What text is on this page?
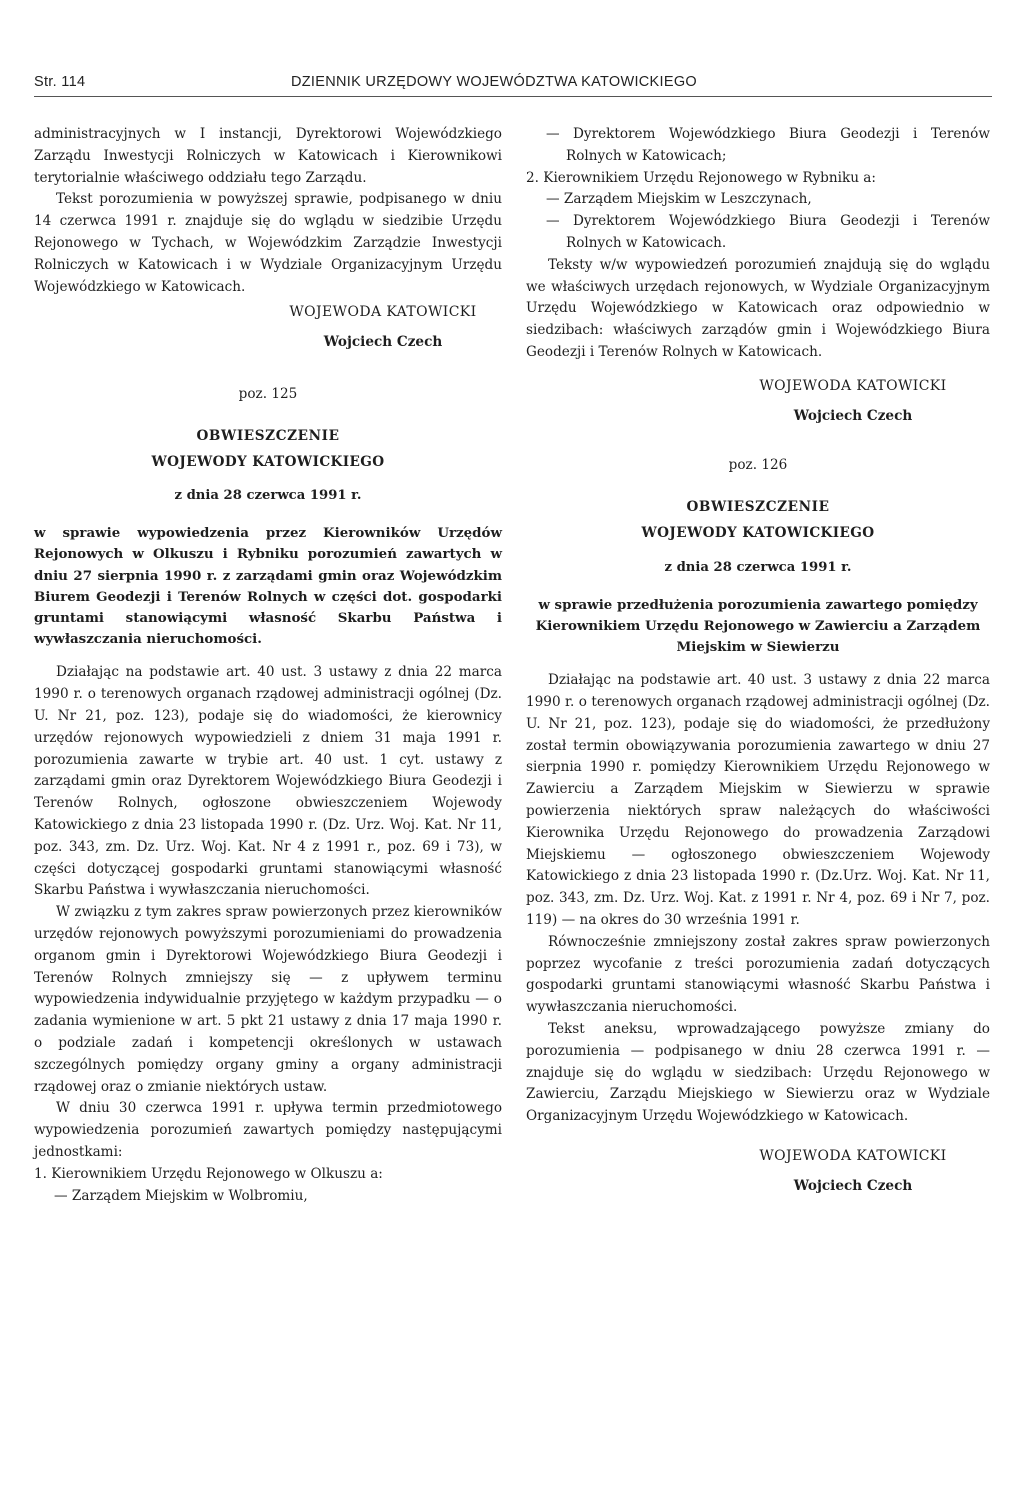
Str. 114	DZIENNIK URZĘDOWY WOJEWÓDZTWA KATOWICKIEGO

administracyjnych w I instancji, Dyrektorowi Wojewódzkiego Zarządu Inwestycji Rolniczych w Katowicach i Kierownikowi terytorialnie właściwego oddziału tego Zarządu.

Tekst porozumienia w powyższej sprawie, podpisanego w dniu 14 czerwca 1991 r. znajduje się do wglądu w siedzibie Urzędu Rejonowego w Tychach, w Wojewódzkim Zarządzie Inwestycji Rolniczych w Katowicach i w Wydziale Organizacyjnym Urzędu Wojewódzkiego w Katowicach.

WOJEWODA KATOWICKI
Wojciech Czech
poz. 125
OBWIESZCZENIE
WOJEWODY KATOWICKIEGO
z dnia 28 czerwca 1991 r.

w sprawie wypowiedzenia przez Kierowników Urzędów Rejonowych w Olkuszu i Rybniku porozumień zawartych w dniu 27 sierpnia 1990 r. z zarządami gmin oraz Wojewódzkim Biurem Geodezji i Terenów Rolnych w części dot. gospodarki gruntami stanowiącymi własność Skarbu Państwa i wywłaszczania nieruchomości.

Działając na podstawie art. 40 ust. 3 ustawy z dnia 22 marca 1990 r. o terenowych organach rządowej administracji ogólnej (Dz. U. Nr 21, poz. 123), podaje się do wiadomości, że kierownicy urzędów rejonowych wypowiedzieli z dniem 31 maja 1991 r. porozumienia zawarte w trybie art. 40 ust. 1 cyt. ustawy z zarządami gmin oraz Dyrektorem Wojewódzkiego Biura Geodezji i Terenów Rolnych, ogłoszone obwieszczeniem Wojewody Katowickiego z dnia 23 listopada 1990 r. (Dz. Urz. Woj. Kat. Nr 11, poz. 343, zm. Dz. Urz. Woj. Kat. Nr 4 z 1991 r., poz. 69 i 73), w części dotyczącej gospodarki gruntami stanowiącymi własność Skarbu Państwa i wywłaszczania nieruchomości.

W związku z tym zakres spraw powierzonych przez kierowników urzędów rejonowych powyższymi porozumieniami do prowadzenia organom gmin i Dyrektorowi Wojewódzkiego Biura Geodezji i Terenów Rolnych zmniejszy się — z upływem terminu wypowiedzenia indywidualnie przyjętego w każdym przypadku — o zadania wymienione w art. 5 pkt 21 ustawy z dnia 17 maja 1990 r. o podziale zadań i kompetencji określonych w ustawach szczególnych pomiędzy organy gminy a organy administracji rządowej oraz o zmianie niektórych ustaw.

W dniu 30 czerwca 1991 r. upływa termin przedmiotowego wypowiedzenia porozumień zawartych pomiędzy następującymi jednostkami:

1. Kierownikiem Urzędu Rejonowego w Olkuszu a:

— Zarządem Miejskim w Wolbromiu,

— Dyrektorem Wojewódzkiego Biura Geodezji i Terenów Rolnych w Katowicach;

2. Kierownikiem Urzędu Rejonowego w Rybniku a:

— Zarządem Miejskim w Leszczynach,

— Dyrektorem Wojewódzkiego Biura Geodezji i Terenów Rolnych w Katowicach.

Teksty w/w wypowiedzeń porozumień znajdują się do wglądu we właściwych urzędach rejonowych, w Wydziale Organizacyjnym Urzędu Wojewódzkiego w Katowicach oraz odpowiednio w siedzibach: właściwych zarządów gmin i Wojewódzkiego Biura Geodezji i Terenów Rolnych w Katowicach.

WOJEWODA KATOWICKI
Wojciech Czech
poz. 126
OBWIESZCZENIE
WOJEWODY KATOWICKIEGO
z dnia 28 czerwca 1991 r.

w sprawie przedłużenia porozumienia zawartego pomiędzy Kierownikiem Urzędu Rejonowego w Zawierciu a Zarządem Miejskim w Siewierzu

Działając na podstawie art. 40 ust. 3 ustawy z dnia 22 marca 1990 r. o terenowych organach rządowej administracji ogólnej (Dz. U. Nr 21, poz. 123), podaje się do wiadomości, że przedłużony został termin obowiązywania porozumienia zawartego w dniu 27 sierpnia 1990 r. pomiędzy Kierownikiem Urzędu Rejonowego w Zawierciu a Zarządem Miejskim w Siewierzu w sprawie powierzenia niektórych spraw należących do właściwości Kierownika Urzędu Rejonowego do prowadzenia Zarządowi Miejskiemu — ogłoszonego obwieszczeniem Wojewody Katowickiego z dnia 23 listopada 1990 r. (Dz.Urz. Woj. Kat. Nr 11, poz. 343, zm. Dz. Urz. Woj. Kat. z 1991 r. Nr 4, poz. 69 i Nr 7, poz. 119) — na okres do 30 września 1991 r.

Równocześnie zmniejszony został zakres spraw powierzonych poprzez wycofanie z treści porozumienia zadań dotyczących gospodarki gruntami stanowiącymi własność Skarbu Państwa i wywłaszczania nieruchomości.

Tekst aneksu, wprowadzającego powyższe zmiany do porozumienia — podpisanego w dniu 28 czerwca 1991 r. — znajduje się do wglądu w siedzibach: Urzędu Rejonowego w Zawierciu, Zarządu Miejskiego w Siewierzu oraz w Wydziale Organizacyjnym Urzędu Wojewódzkiego w Katowicach.

WOJEWODA KATOWICKI
Wojciech Czech
